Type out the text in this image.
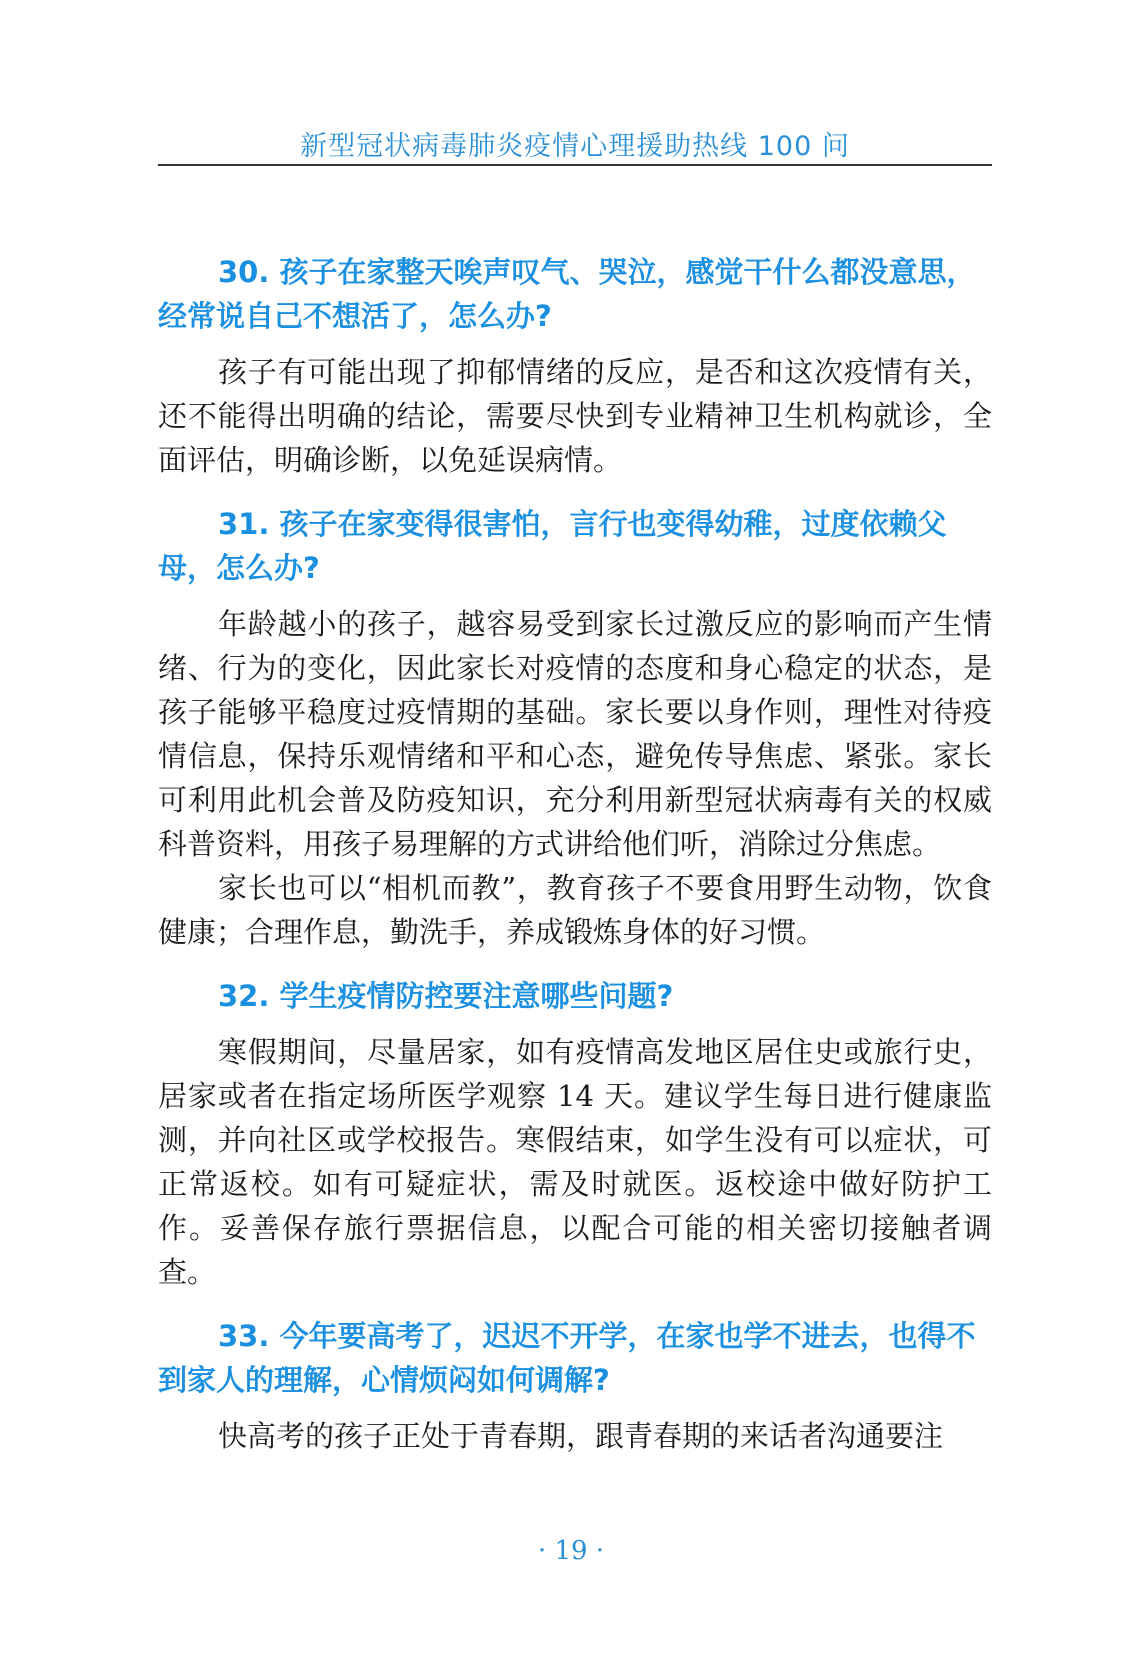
新型冠状病毒肺炎疫情心理援助热线 100 问

30. 孩子在家整天唉声叹气、哭泣，感觉干什么都没意思，经常说自己不想活了，怎么办?

孩子有可能出现了抑郁情绪的反应，是否和这次疫情有关，还不能得出明确的结论，需要尽快到专业精神卫生机构就诊，全面评估，明确诊断，以免延误病情。

31. 孩子在家变得很害怕，言行也变得幼稚，过度依赖父母，怎么办?

年龄越小的孩子，越容易受到家长过激反应的影响而产生情绪、行为的变化，因此家长对疫情的态度和身心稳定的状态，是孩子能够平稳度过疫情期的基础。家长要以身作则，理性对待疫情信息，保持乐观情绪和平和心态，避免传导焦虑、紧张。家长可利用此机会普及防疫知识，充分利用新型冠状病毒有关的权威科普资料，用孩子易理解的方式讲给他们听，消除过分焦虑。

家长也可以“相机而教”，教育孩子不要食用野生动物，饮食健康；合理作息，勤洗手，养成锻炼身体的好习惯。

32. 学生疫情防控要注意哪些问题?

寒假期间，尽量居家，如有疫情高发地区居住史或旅行史，居家或者在指定场所医学观察 14 天。建议学生每日进行健康监测，并向社区或学校报告。寒假结束，如学生没有可以症状，可正常返校。如有可疑症状，需及时就医。返校途中做好防护工作。妥善保存旅行票据信息，以配合可能的相关密切接触者调查。

33. 今年要高考了，迟迟不开学，在家也学不进去，也得不到家人的理解，心情烦闷如何调解?

快高考的孩子正处于青春期，跟青春期的来话者沟通要注

· 19 ·
